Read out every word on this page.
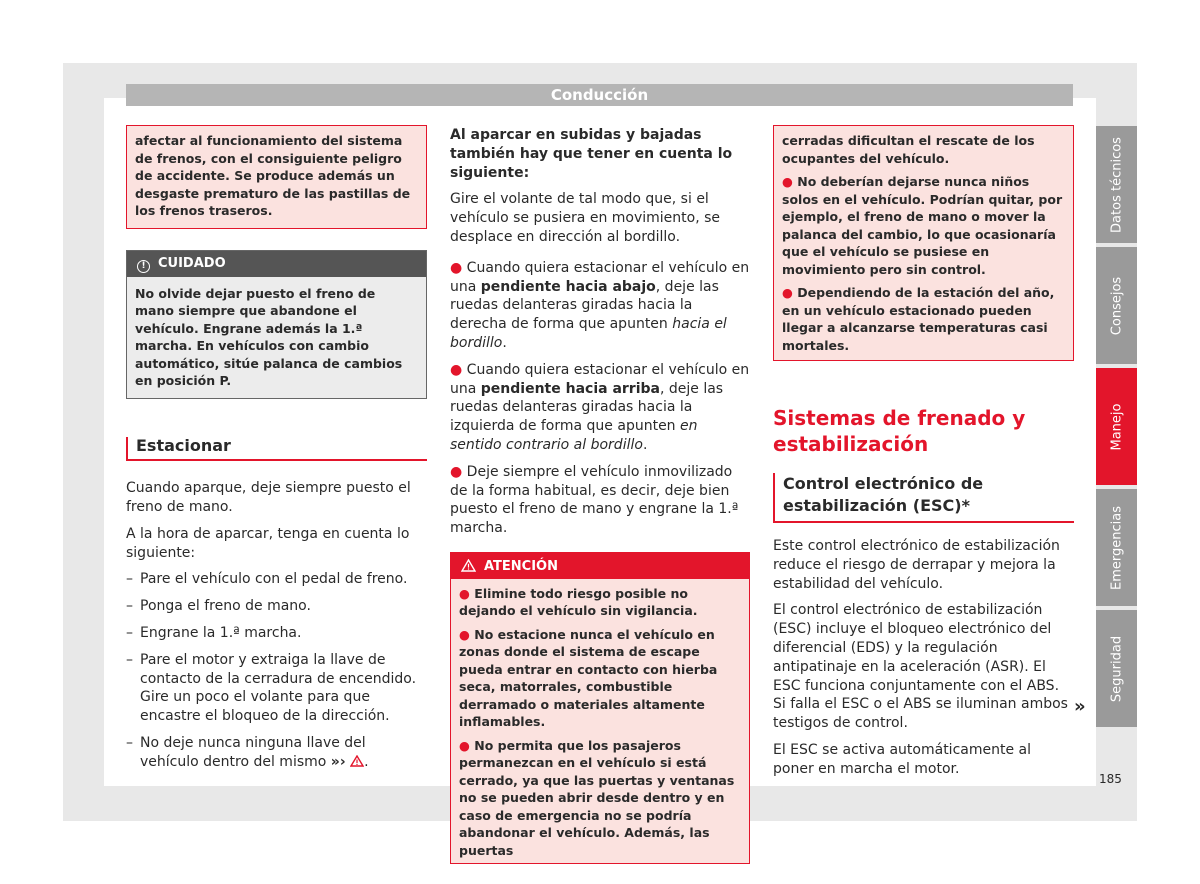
Conducción

afectar al funcionamiento del sistema de frenos, con el consiguiente peligro de accidente. Se produce además un desgaste prematuro de las pastillas de los frenos traseros.

! CUIDADO
No olvide dejar puesto el freno de mano siempre que abandone el vehículo. Engrane además la 1.ª marcha. En vehículos con cambio automático, sitúe palanca de cambios en posición P.
Estacionar

Cuando aparque, deje siempre puesto el freno de mano.

A la hora de aparcar, tenga en cuenta lo siguiente:

– Pare el vehículo con el pedal de freno.
– Ponga el freno de mano.
– Engrane la 1.ª marcha.
– Pare el motor y extraiga la llave de contacto de la cerradura de encendido. Gire un poco el volante para que encastre el bloqueo de la dirección.
– No deje nunca ninguna llave del vehículo dentro del mismo »› .

Al aparcar en subidas y bajadas también hay que tener en cuenta lo siguiente:

Gire el volante de tal modo que, si el vehículo se pusiera en movimiento, se desplace en dirección al bordillo.

● Cuando quiera estacionar el vehículo en una pendiente hacia abajo, deje las ruedas delanteras giradas hacia la derecha de forma que apunten hacia el bordillo.

● Cuando quiera estacionar el vehículo en una pendiente hacia arriba, deje las ruedas delanteras giradas hacia la izquierda de forma que apunten en sentido contrario al bordillo.

● Deje siempre el vehículo inmovilizado de la forma habitual, es decir, deje bien puesto el freno de mano y engrane la 1.ª marcha.

ATENCIÓN

● Elimine todo riesgo posible no dejando el vehículo sin vigilancia.

● No estacione nunca el vehículo en zonas donde el sistema de escape pueda entrar en contacto con hierba seca, matorrales, combustible derramado o materiales altamente inflamables.

● No permita que los pasajeros permanezcan en el vehículo si está cerrado, ya que las puertas y ventanas no se pueden abrir desde dentro y en caso de emergencia no se podría abandonar el vehículo. Además, las puertas

cerradas dificultan el rescate de los ocupantes del vehículo.

● No deberían dejarse nunca niños solos en el vehículo. Podrían quitar, por ejemplo, el freno de mano o mover la palanca del cambio, lo que ocasionaría que el vehículo se pusiese en movimiento pero sin control.

● Dependiendo de la estación del año, en un vehículo estacionado pueden llegar a alcanzarse temperaturas casi mortales.

Sistemas de frenado y estabilización
Control electrónico de estabilización (ESC)*

Este control electrónico de estabilización reduce el riesgo de derrapar y mejora la estabilidad del vehículo.

El control electrónico de estabilización (ESC) incluye el bloqueo electrónico del diferencial (EDS) y la regulación antipatinaje en la aceleración (ASR). El ESC funciona conjuntamente con el ABS. Si falla el ESC o el ABS se iluminan ambos testigos de control.

El ESC se activa automáticamente al poner en marcha el motor.

»
Datos técnicos
Consejos
Manejo
Emergencias
Seguridad
185
